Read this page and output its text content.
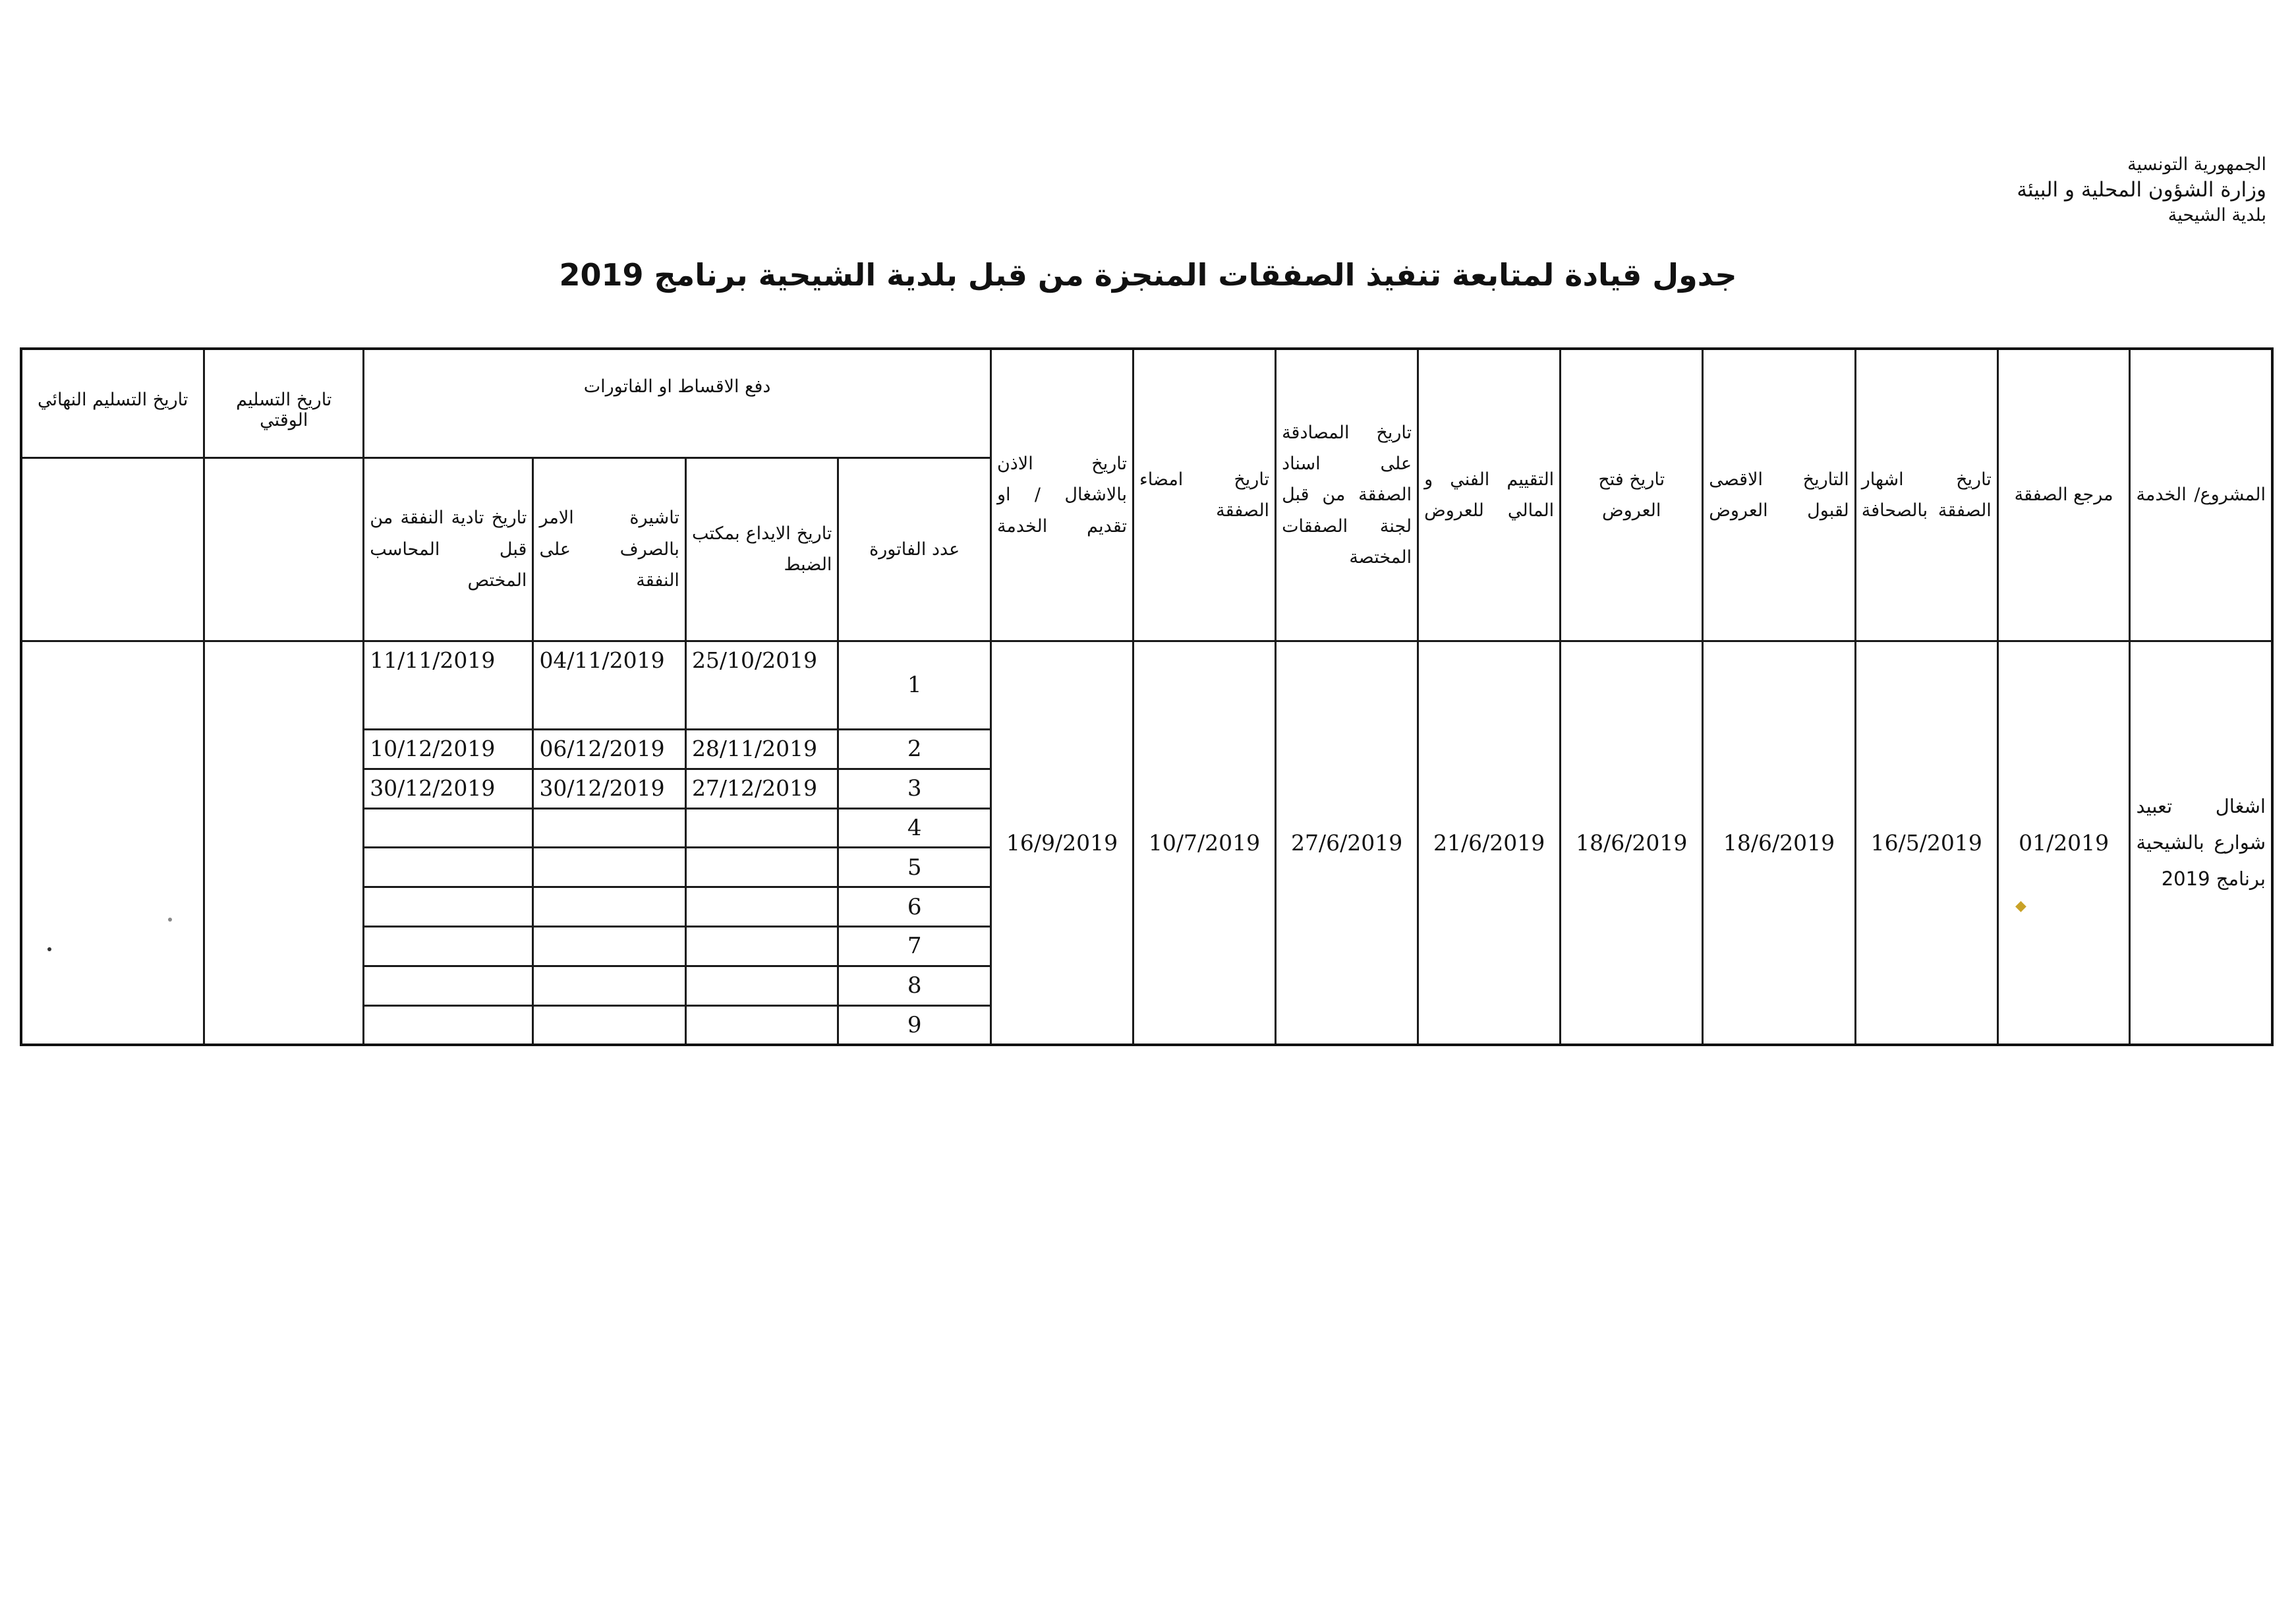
الجمهورية التونسية
وزارة الشؤون المحلية و البيئة
بلدية الشيحية
جدول قيادة لمتابعة تنفيذ الصفقات المنجزة من قبل بلدية الشيحية برنامج 2019
المشروع/ الخدمة	مرجع الصفقة	تاريخ اشهار الصفقة بالصحافة	التاريخ الاقصى لقبول العروض	تاريخ فتح العروض	التقييم الفني و المالي للعروض	تاريخ المصادقة على اسناد الصفقة من قبل لجنة الصفقات المختصة	تاريخ امضاء الصفقة	تاريخ الاذن بالاشغال / او تقديم الخدمة	دفع الاقساط او الفاتورات				تاريخ التسليم الوقتي	تاريخ التسليم النهائي
									عدد الفاتورة	تاريخ الايداع بمكتب الضبط	تاشيرة الامر بالصرف على النفقة	تاريخ تادية النفقة من قبل المحاسب المختص		
اشغال تعبيد شوارع بالشيحية برنامج 2019	01/2019	16/5/2019	18/6/2019	18/6/2019	21/6/2019	27/6/2019	10/7/2019	16/9/2019	1	25/10/2019	04/11/2019	11/11/2019		
									2	28/11/2019	06/12/2019	10/12/2019		
									3	27/12/2019	30/12/2019	30/12/2019		
									4					
									5					
									6					
									7					
									8					
									9					
◆
